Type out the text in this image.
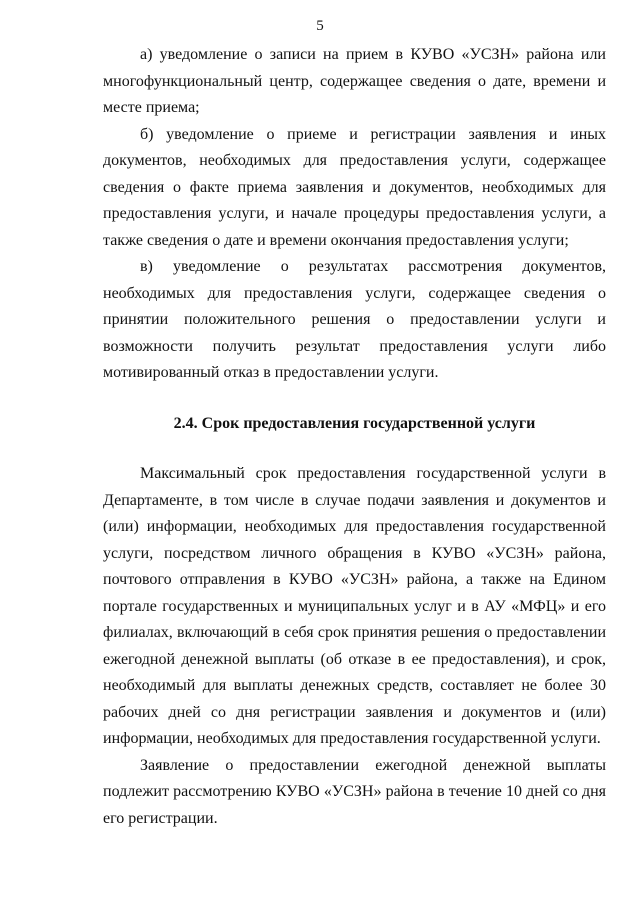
5

а) уведомление о записи на прием в КУВО «УСЗН» района или многофункциональный центр, содержащее сведения о дате, времени и месте приема;

б) уведомление о приеме и регистрации заявления и иных документов, необходимых для предоставления услуги, содержащее сведения о факте приема заявления и документов, необходимых для предоставления услуги, и начале процедуры предоставления услуги, а также сведения о дате и времени окончания предоставления услуги;

в) уведомление о результатах рассмотрения документов, необходимых для предоставления услуги, содержащее сведения о принятии положительного решения о предоставлении услуги и возможности получить результат предоставления услуги либо мотивированный отказ в предоставлении услуги.

2.4. Срок предоставления государственной услуги

Максимальный срок предоставления государственной услуги в Департаменте, в том числе в случае подачи заявления и документов и (или) информации, необходимых для предоставления государственной услуги, посредством личного обращения в КУВО «УСЗН» района, почтового отправления в КУВО «УСЗН» района, а также на Едином портале государственных и муниципальных услуг и в АУ «МФЦ» и его филиалах, включающий в себя срок принятия решения о предоставлении ежегодной денежной выплаты (об отказе в ее предоставления), и срок, необходимый для выплаты денежных средств, составляет не более 30 рабочих дней со дня регистрации заявления и документов и (или) информации, необходимых для предоставления государственной услуги.

Заявление о предоставлении ежегодной денежной выплаты подлежит рассмотрению КУВО «УСЗН» района в течение 10 дней со дня его регистрации.
